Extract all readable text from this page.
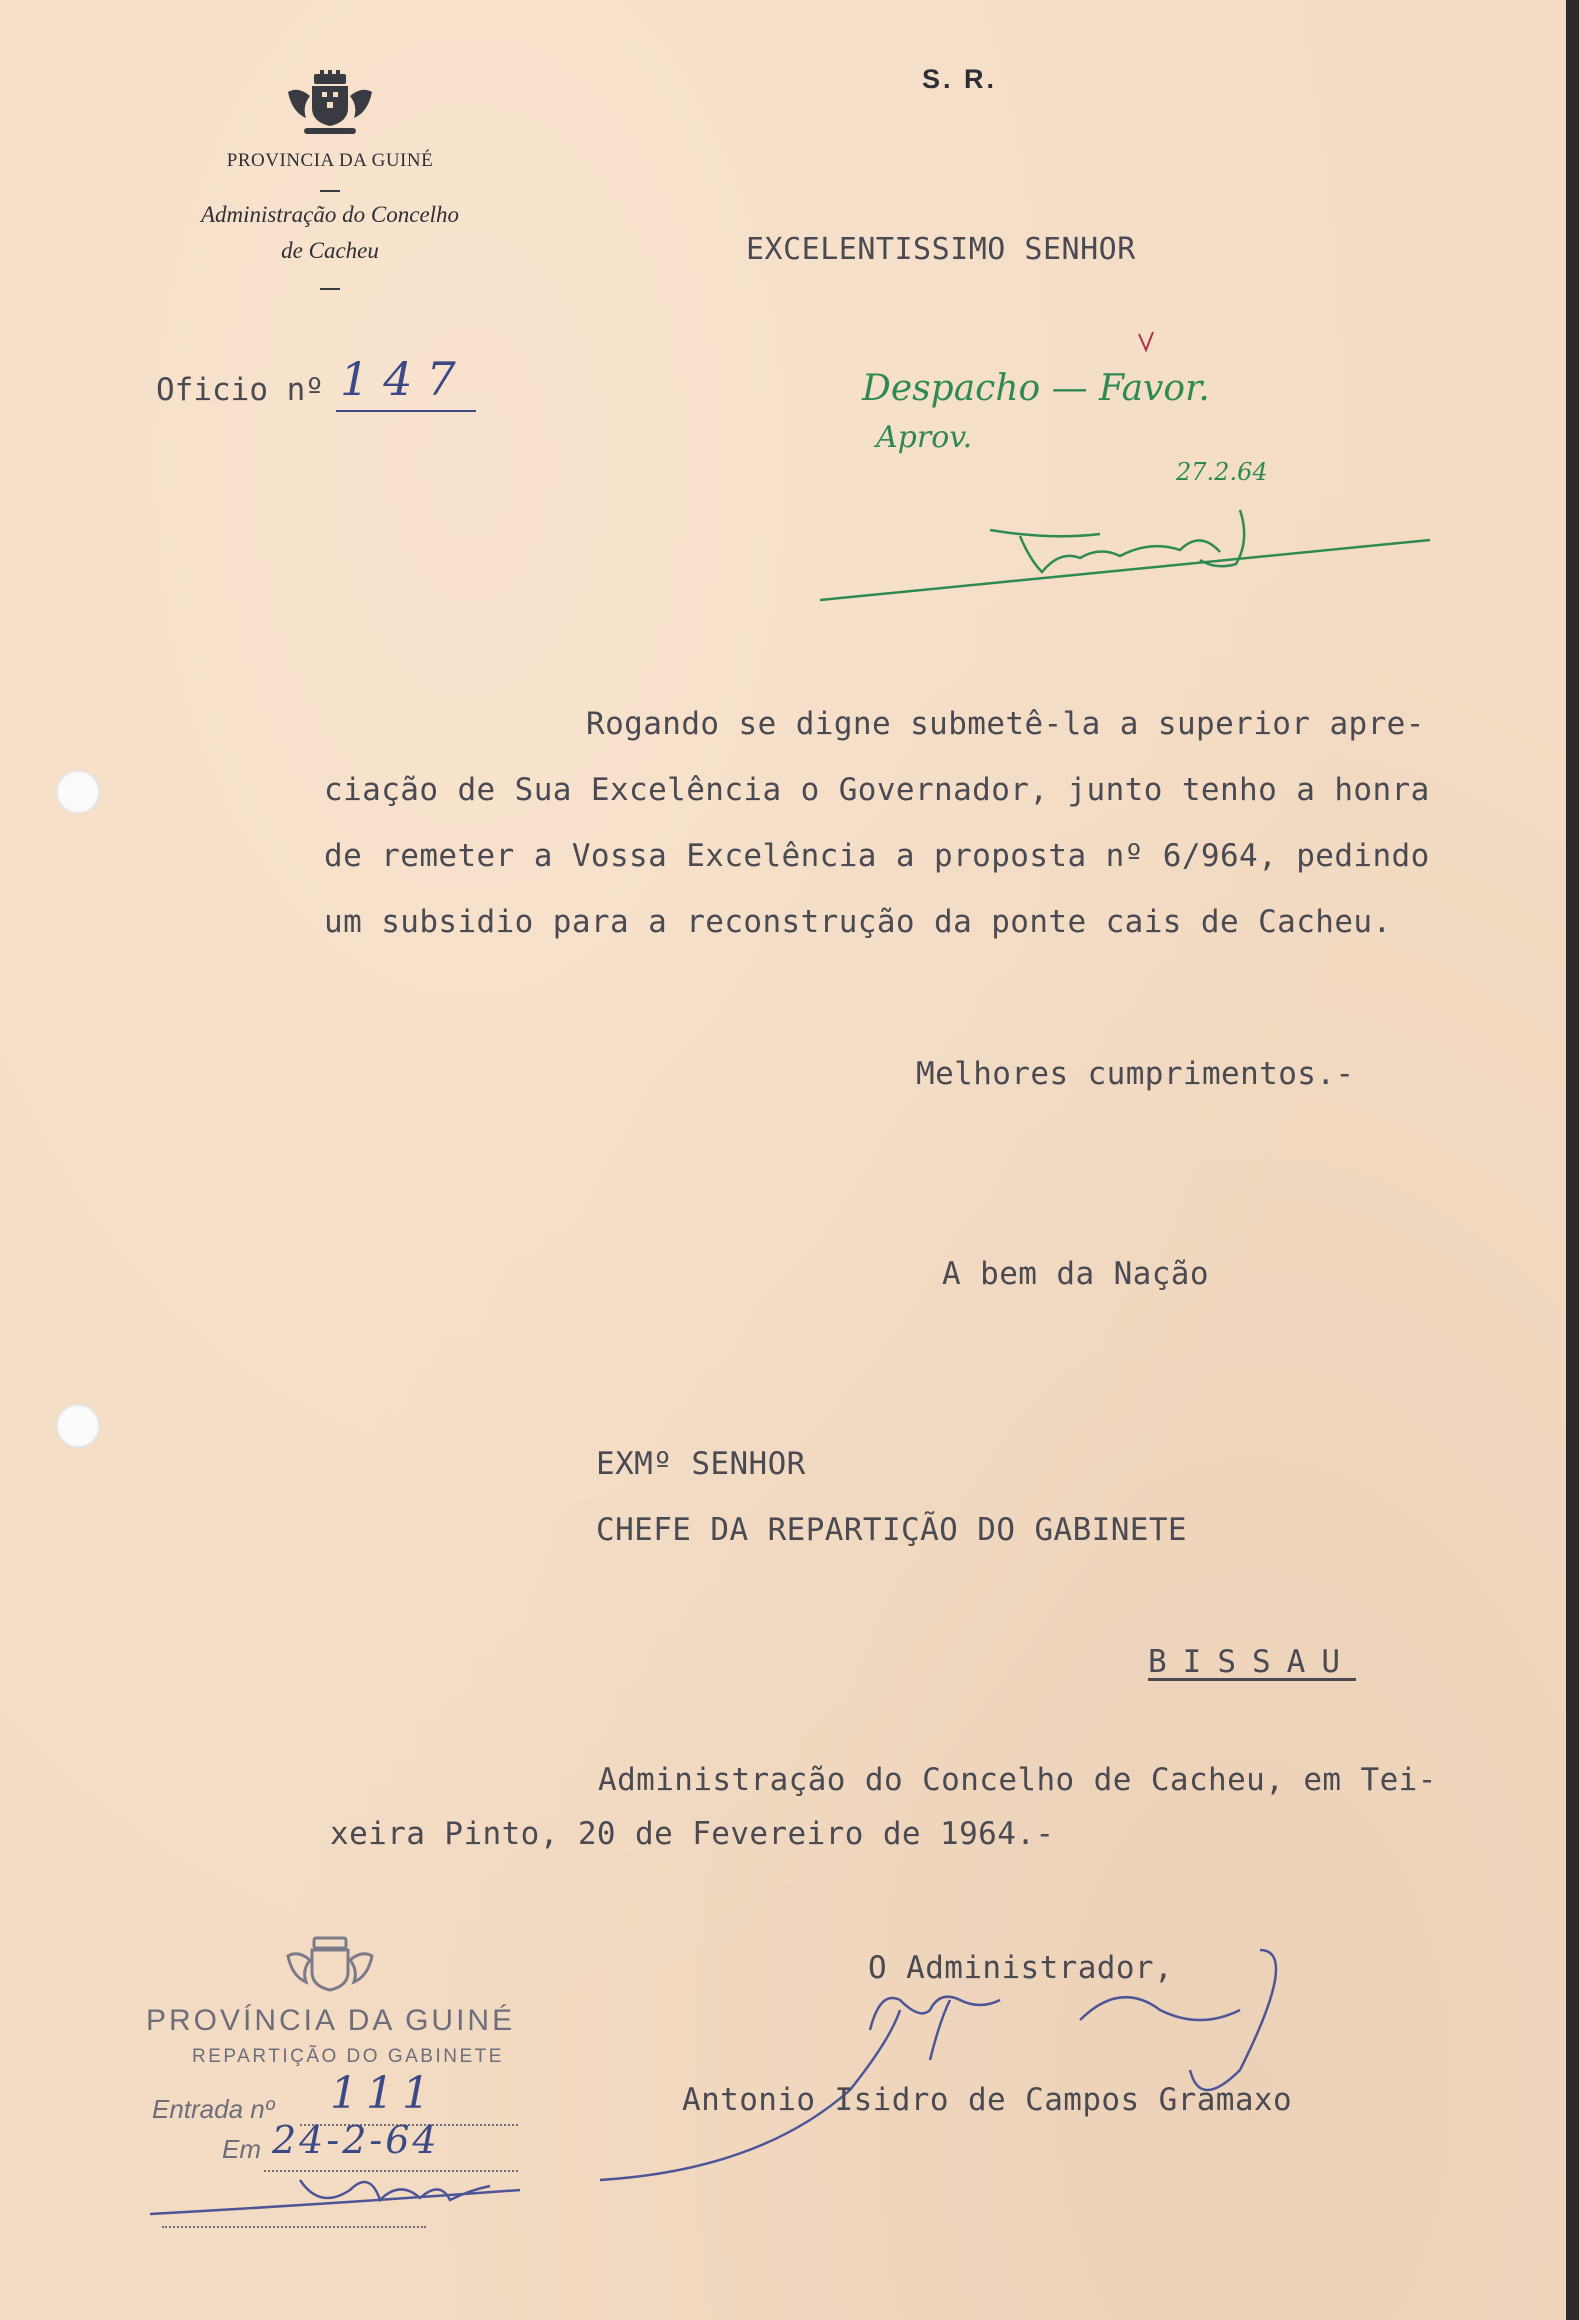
PROVINCIA DA GUINÉ
Administração do Concelho
de Cacheu
S. R.
Oficio nº 147
EXCELENTISSIMO SENHOR
Despacho — Favor.
Aprov.
27.2.64
Rogando se digne submetê-la a superior apre-
ciação de Sua Excelência o Governador, junto tenho a honra
de remeter a Vossa Excelência a proposta nº 6/964, pedindo
um subsidio para a reconstrução da ponte cais de Cacheu.
Melhores cumprimentos.-
A bem da Nação
EXMº SENHOR
CHEFE DA REPARTIÇÃO DO GABINETE
BISSAU
Administração do Concelho de Cacheu, em Tei-
xeira Pinto, 20 de Fevereiro de 1964.-
O Administrador,
Antonio Isidro de Campos Gramaxo
PROVÍNCIA DA GUINÉ
REPARTIÇÃO DO GABINETE
Entrada nº 111
Em 24-2-64
